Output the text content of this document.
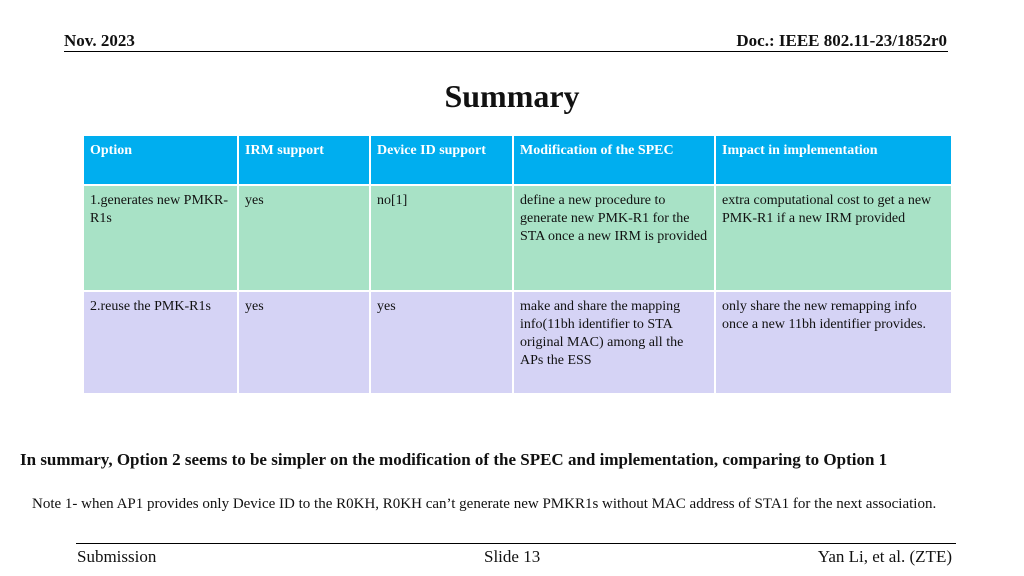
Nov. 2023	Doc.: IEEE 802.11-23/1852r0
Summary
Option	IRM support	Device ID support	Modification of the SPEC	Impact in implementation
1.generates new PMKR-R1s	yes	no[1]	define a new procedure to generate new PMK-R1 for the STA once a new IRM is provided	extra computational cost to get a new PMK-R1 if a new IRM provided
2.reuse the PMK-R1s	yes	yes	make and share the mapping info(11bh identifier to STA original MAC) among all the APs the ESS	only share the new remapping info once a new 11bh identifier provides.
In summary, Option 2 seems to be simpler on the modification of the SPEC and implementation, comparing to Option 1
Note 1- when AP1 provides only Device ID to the R0KH, R0KH can’t generate new PMKR1s without MAC address of STA1 for the next association.
Submission	Slide 13	Yan Li, et al. (ZTE)
